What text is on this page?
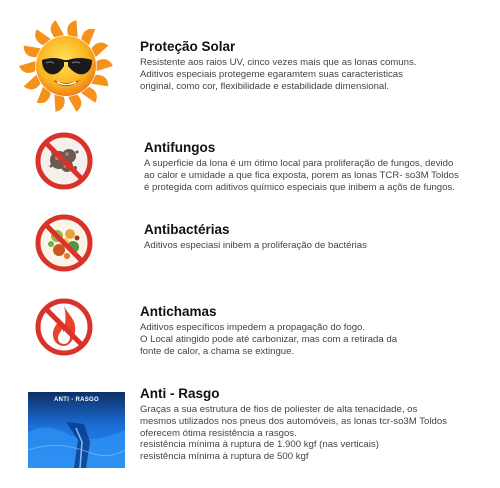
Proteção Solar

Resistente aos raios UV, cinco vezes mais que as lonas comuns.

Aditivos especiais protegeme egaramtem suas caracteristicas

original, como cor, flexibilidade e estabilidade dimensional.

Antifungos

A superficie da lona é um ótimo local para proliferação de fungos, devido

ao calor e umidade a que fica exposta, porem as lonas TCR- so3M Toldos

é protegida com aditivos químico especiais que inibem a açõs de fungos.

Antibactérias

Aditivos especiasi inibem a proliferação de bactérias

Antichamas

Aditivos específicos impedem a propagação do fogo.

O Local atingido pode até carbonizar, mas com a retirada da

fonte de calor, a chama se extingue.

ANTI - RASGO	Anti - Rasgo

Graças a sua estrutura de fios de poliester de alta tenacidade, os

mesmos utilizados nos pneus dos automóveis, as lonas tcr-so3M Toldos

oferecem ótima resistência a rasgos.

resistência mínima à ruptura de 1.900 kgf (nas verticais)

resistência mínima à ruptura de 500 kgf
